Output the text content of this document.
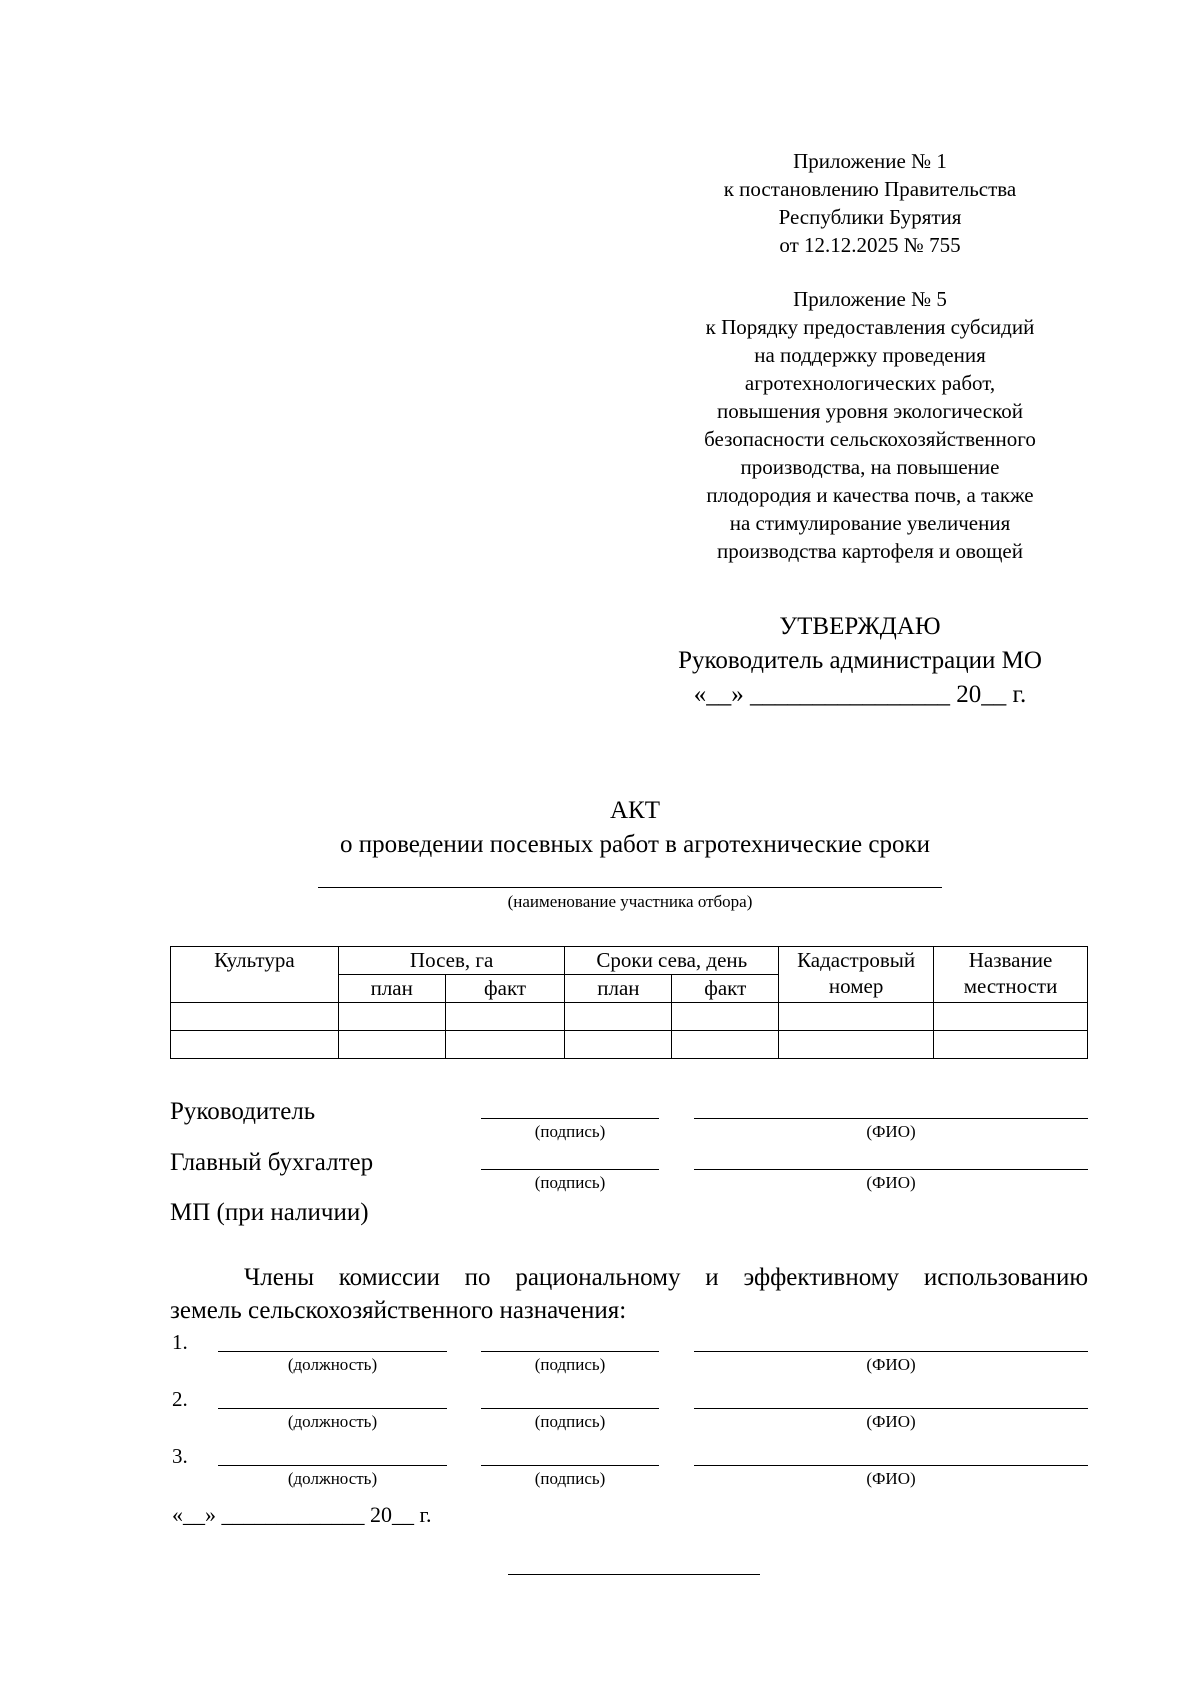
Приложение № 1
к постановлению Правительства
Республики Бурятия
от 12.12.2025 № 755
Приложение № 5
к Порядку предоставления субсидий
на поддержку проведения
агротехнологических работ,
повышения уровня экологической
безопасности сельскохозяйственного
производства, на повышение
плодородия и качества почв, а также
на стимулирование увеличения
производства картофеля и овощей
УТВЕРЖДАЮ
Руководитель администрации МО
«__» ________________ 20__ г.
АКТ
о проведении посевных работ в агротехнические сроки
(наименование участника отбора)
Культура	Посев, га		Сроки сева, день		Кадастровый номер	Название местности
	план	факт	план	факт		

Руководитель
(подпись)	(ФИО)
Главный бухгалтер
(подпись)	(ФИО)
МП (при наличии)
Члены комиссии по рациональному и эффективному использованию
земель сельскохозяйственного назначения:
1.
(должность)	(подпись)	(ФИО)
2.
(должность)	(подпись)	(ФИО)
3.
(должность)	(подпись)	(ФИО)
«__» _____________ 20__ г.
